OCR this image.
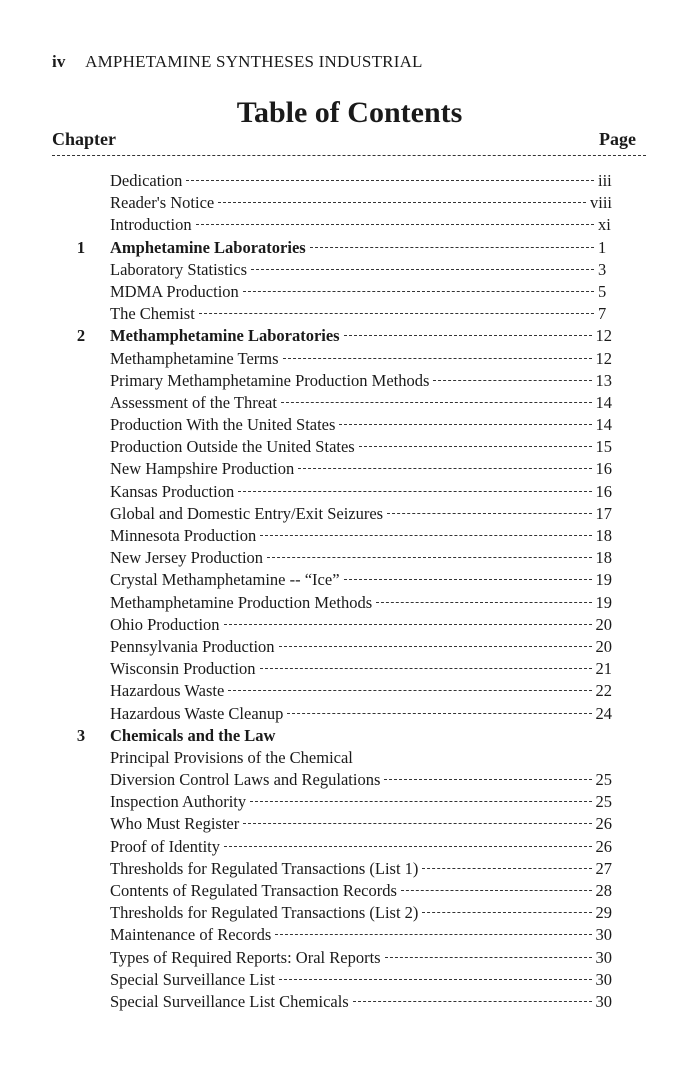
iv AMPHETAMINE SYNTHESES INDUSTRIAL
Table of Contents
Chapter	Page
Dedication	iii
Reader's Notice	viii
Introduction	xi
1	Amphetamine Laboratories	1
Laboratory Statistics	3
MDMA Production	5
The Chemist	7
2	Methamphetamine Laboratories	12
Methamphetamine Terms	12
Primary Methamphetamine Production Methods	13
Assessment of the Threat	14
Production With the United States	14
Production Outside the United States	15
New Hampshire Production	16
Kansas Production	16
Global and Domestic Entry/Exit Seizures	17
Minnesota Production	18
New Jersey Production	18
Crystal Methamphetamine -- “Ice”	19
Methamphetamine Production Methods	19
Ohio Production	20
Pennsylvania Production	20
Wisconsin Production	21
Hazardous Waste	22
Hazardous Waste Cleanup	24
3	Chemicals and the Law
Principal Provisions of the Chemical
Diversion Control Laws and Regulations	25
Inspection Authority	25
Who Must Register	26
Proof of Identity	26
Thresholds for Regulated Transactions (List 1)	27
Contents of Regulated Transaction Records	28
Thresholds for Regulated Transactions (List 2)	29
Maintenance of Records	30
Types of Required Reports: Oral Reports	30
Special Surveillance List	30
Special Surveillance List Chemicals	30
